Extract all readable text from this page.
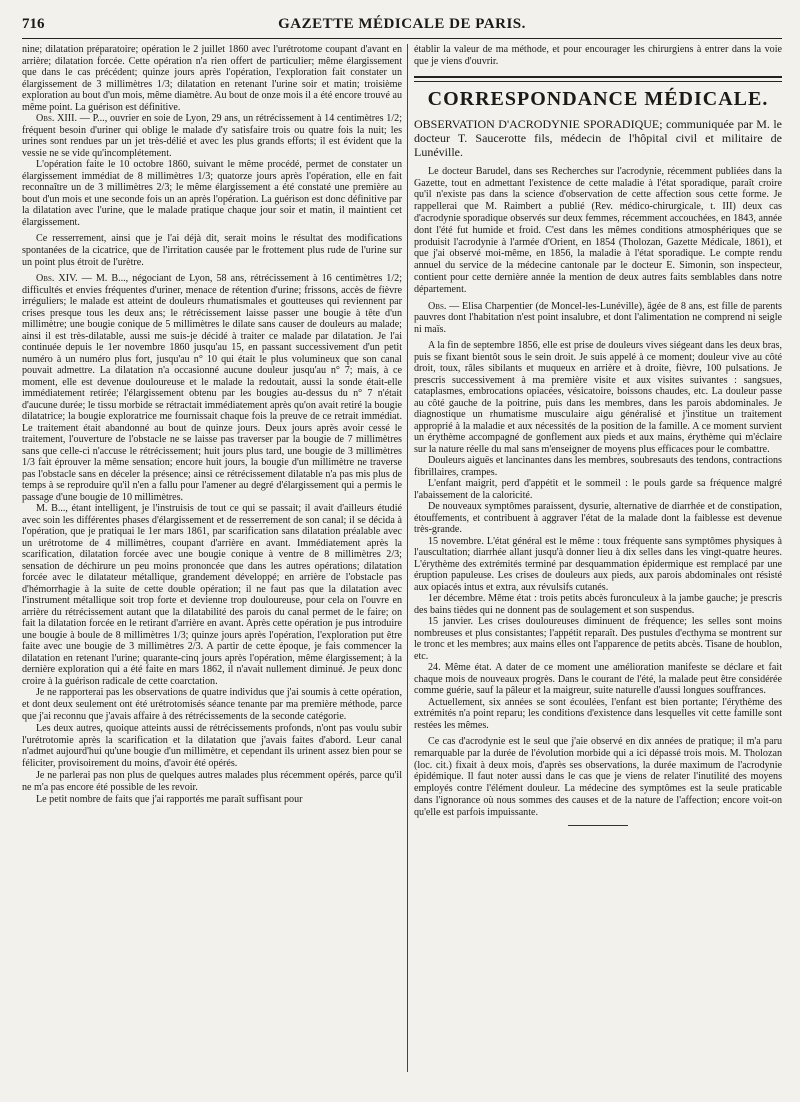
716	GAZETTE MÉDICALE DE PARIS.

nine; dilatation préparatoire; opération le 2 juillet 1860 avec l'urétrotome coupant d'avant en arrière; dilatation forcée. Cette opération n'a rien offert de particulier; même élargissement que dans le cas précédent; quinze jours après l'opération, l'exploration fait constater un élargissement de 3 millimètres 1/3; dilatation en retenant l'urine soir et matin; troisième exploration au bout d'un mois, même diamètre. Au bout de onze mois il a été encore trouvé au même point. La guérison est définitive.

Obs. XIII. — P..., ouvrier en soie de Lyon, 29 ans, un rétrécissement à 14 centimètres 1/2; fréquent besoin d'uriner qui oblige le malade d'y satisfaire trois ou quatre fois la nuit; les urines sont rendues par un jet très-délié et avec les plus grands efforts; il est évident que la vessie ne se vide qu'incomplétement.

L'opération faite le 10 octobre 1860, suivant le même procédé, permet de constater un élargissement immédiat de 8 millimètres 1/3; quatorze jours après l'opération, elle en fait reconnaître un de 3 millimètres 2/3; le même élargissement a été constaté une première au bout d'un mois et une seconde fois un an après l'opération. La guérison est donc définitive par la dilatation avec l'urine, que le malade pratique chaque jour soir et matin, il maintient cet élargissement.

Ce resserrement, ainsi que je l'ai déjà dit, serait moins le résultat des modifications spontanées de la cicatrice, que de l'irritation causée par le frottement plus rude de l'urine sur un point plus étroit de l'urètre.

Obs. XIV. — M. B..., négociant de Lyon, 58 ans, rétrécissement à 16 centimètres 1/2; difficultés et envies fréquentes d'uriner, menace de rétention d'urine; frissons, accès de fièvre irréguliers; le malade est atteint de douleurs rhumatismales et goutteuses qui reviennent par crises presque tous les deux ans; le rétrécissement laisse passer une bougie à tête d'un millimètre; une bougie conique de 5 millimètres le dilate sans causer de douleurs au malade; ainsi il est très-dilatable, aussi me suis-je décidé à traiter ce malade par dilatation. Je l'ai continuée depuis le 1er novembre 1860 jusqu'au 15, en passant successivement d'un petit numéro à un numéro plus fort, jusqu'au n° 10 qui était le plus volumineux que son canal pouvait admettre. La dilatation n'a occasionné aucune douleur jusqu'au n° 7; mais, à ce moment, elle est devenue douloureuse et le malade la redoutait, aussi la sonde était-elle immédiatement retirée; l'élargissement obtenu par les bougies au-dessus du n° 7 n'était d'aucune durée; le tissu morbide se rétractait immédiatement après qu'on avait retiré la bougie dilatatrice; la bougie exploratrice me fournissait chaque fois la preuve de ce retrait immédiat. Le traitement était abandonné au bout de quinze jours. Deux jours après avoir cessé le traitement, l'ouverture de l'obstacle ne se laisse pas traverser par la bougie de 7 millimètres sans que celle-ci n'accuse le rétrécissement; huit jours plus tard, une bougie de 3 millimètres 1/3 fait éprouver la même sensation; encore huit jours, la bougie d'un millimètre ne traverse pas l'obstacle sans en déceler la présence; ainsi ce rétrécissement dilatable n'a pas mis plus de temps à se reproduire qu'il n'en a fallu pour l'amener au degré d'élargissement qui a permis le passage d'une bougie de 10 millimètres.

M. B..., étant intelligent, je l'instruisis de tout ce qui se passait; il avait d'ailleurs étudié avec soin les différentes phases d'élargissement et de resserrement de son canal; il se décida à l'opération, que je pratiquai le 1er mars 1861, par scarification sans dilatation préalable avec un urétrotome de 4 millimètres, coupant d'arrière en avant. Immédiatement après la scarification, dilatation forcée avec une bougie conique à ventre de 8 millimètres 2/3; sensation de déchirure un peu moins prononcée que dans les autres opérations; dilatation forcée avec le dilatateur métallique, grandement développé; en arrière de l'obstacle pas d'hémorrhagie à la suite de cette double opération; il ne faut pas que la dilatation avec l'instrument métallique soit trop forte et devienne trop douloureuse, pour cela on l'ouvre en arrière du rétrécissement autant que la dilatabilité des parois du canal permet de le faire; on fait la dilatation forcée en le retirant d'arrière en avant. Après cette opération je pus introduire une bougie à boule de 8 millimètres 1/3; quinze jours après l'opération, l'exploration put être faite avec une bougie de 3 millimètres 2/3. A partir de cette époque, je fais commencer la dilatation en retenant l'urine; quarante-cinq jours après l'opération, même élargissement; à la dernière exploration qui a été faite en mars 1862, il n'avait nullement diminué. Je peux donc croire à la guérison radicale de cette coarctation.

Je ne rapporterai pas les observations de quatre individus que j'ai soumis à cette opération, et dont deux seulement ont été urétrotomisés séance tenante par ma première méthode, parce que j'ai reconnu que j'avais affaire à des rétrécissements de la seconde catégorie.

Les deux autres, quoique atteints aussi de rétrécissements profonds, n'ont pas voulu subir l'urétrotomie après la scarification et la dilatation que j'avais faites d'abord. Leur canal n'admet aujourd'hui qu'une bougie d'un millimètre, et cependant ils urinent assez bien pour se féliciter, provisoirement du moins, d'avoir été opérés.

Je ne parlerai pas non plus de quelques autres malades plus récemment opérés, parce qu'il ne m'a pas encore été possible de les revoir.

Le petit nombre de faits que j'ai rapportés me paraît suffisant pour

établir la valeur de ma méthode, et pour encourager les chirurgiens à entrer dans la voie que je viens d'ouvrir.

CORRESPONDANCE MÉDICALE.
OBSERVATION D'ACRODYNIE SPORADIQUE; communiquée par M. le docteur T. Saucerotte fils, médecin de l'hôpital civil et militaire de Lunéville.

Le docteur Barudel, dans ses Recherches sur l'acrodynie, récemment publiées dans la Gazette, tout en admettant l'existence de cette maladie à l'état sporadique, paraît croire qu'il n'existe pas dans la science d'observation de cette affection sous cette forme. Je rappellerai que M. Raimbert a publié (Rev. médico-chirurgicale, t. III) deux cas d'acrodynie sporadique observés sur deux femmes, récemment accouchées, en 1843, année dont l'été fut humide et froid. C'est dans les mêmes conditions atmosphériques que se produisit l'acrodynie à l'armée d'Orient, en 1854 (Tholozan, Gazette Médicale, 1861), et que j'ai observé moi-même, en 1856, la maladie à l'état sporadique. Le compte rendu annuel du service de la médecine cantonale par le docteur E. Simonin, son inspecteur, contient pour cette dernière année la mention de deux autres faits semblables dans notre département.

Obs. — Elisa Charpentier (de Moncel-les-Lunéville), âgée de 8 ans, est fille de parents pauvres dont l'habitation n'est point insalubre, et dont l'alimentation ne comprend ni seigle ni maïs.

A la fin de septembre 1856, elle est prise de douleurs vives siégeant dans les deux bras, puis se fixant bientôt sous le sein droit. Je suis appelé à ce moment; douleur vive au côté droit, toux, râles sibilants et muqueux en arrière et à droite, fièvre, 100 pulsations. Je prescris successivement à ma première visite et aux visites suivantes : sangsues, cataplasmes, embrocations opiacées, vésicatoire, boissons chaudes, etc. La douleur passe au côté gauche de la poitrine, puis dans les membres, dans les parois abdominales. Je diagnostique un rhumatisme musculaire aigu généralisé et j'institue un traitement approprié à la maladie et aux nécessités de la position de la famille. A ce moment survient un érythème accompagné de gonflement aux pieds et aux mains, érythème qui m'éclaire sur la nature réelle du mal sans m'enseigner de moyens plus efficaces pour le combattre.

Douleurs aiguës et lancinantes dans les membres, soubresauts des tendons, contractions fibrillaires, crampes.

L'enfant maigrit, perd d'appétit et le sommeil : le pouls garde sa fréquence malgré l'abaissement de la caloricité.

De nouveaux symptômes paraissent, dysurie, alternative de diarrhée et de constipation, étouffements, et contribuent à aggraver l'état de la malade dont la faiblesse est devenue très-grande.

15 novembre. L'état général est le même : toux fréquente sans symptômes physiques à l'auscultation; diarrhée allant jusqu'à donner lieu à dix selles dans les vingt-quatre heures. L'érythème des extrémités terminé par desquammation épidermique est remplacé par une éruption papuleuse. Les crises de douleurs aux pieds, aux parois abdominales ont résisté aux opiacés intus et extra, aux révulsifs cutanés.

1er décembre. Même état : trois petits abcès furonculeux à la jambe gauche; je prescris des bains tièdes qui ne donnent pas de soulagement et son suspendus.

15 janvier. Les crises douloureuses diminuent de fréquence; les selles sont moins nombreuses et plus consistantes; l'appétit reparaît. Des pustules d'ecthyma se montrent sur le tronc et les membres; aux mains elles ont l'apparence de petits abcès. Tisane de houblon, etc.

24. Même état. A dater de ce moment une amélioration manifeste se déclare et fait chaque mois de nouveaux progrès. Dans le courant de l'été, la malade peut être considérée comme guérie, sauf la pâleur et la maigreur, suite naturelle d'aussi longues souffrances.

Actuellement, six années se sont écoulées, l'enfant est bien portante; l'érythème des extrémités n'a point reparu; les conditions d'existence dans lesquelles vit cette famille sont restées les mêmes.

Ce cas d'acrodynie est le seul que j'aie observé en dix années de pratique; il m'a paru remarquable par la durée de l'évolution morbide qui a ici dépassé trois mois. M. Tholozan (loc. cit.) fixait à deux mois, d'après ses observations, la durée maximum de l'acrodynie épidémique. Il faut noter aussi dans le cas que je viens de relater l'inutilité des moyens employés contre l'élément douleur. La médecine des symptômes est la seule praticable dans l'ignorance où nous sommes des causes et de la nature de l'affection; encore voit-on qu'elle est parfois impuissante.
